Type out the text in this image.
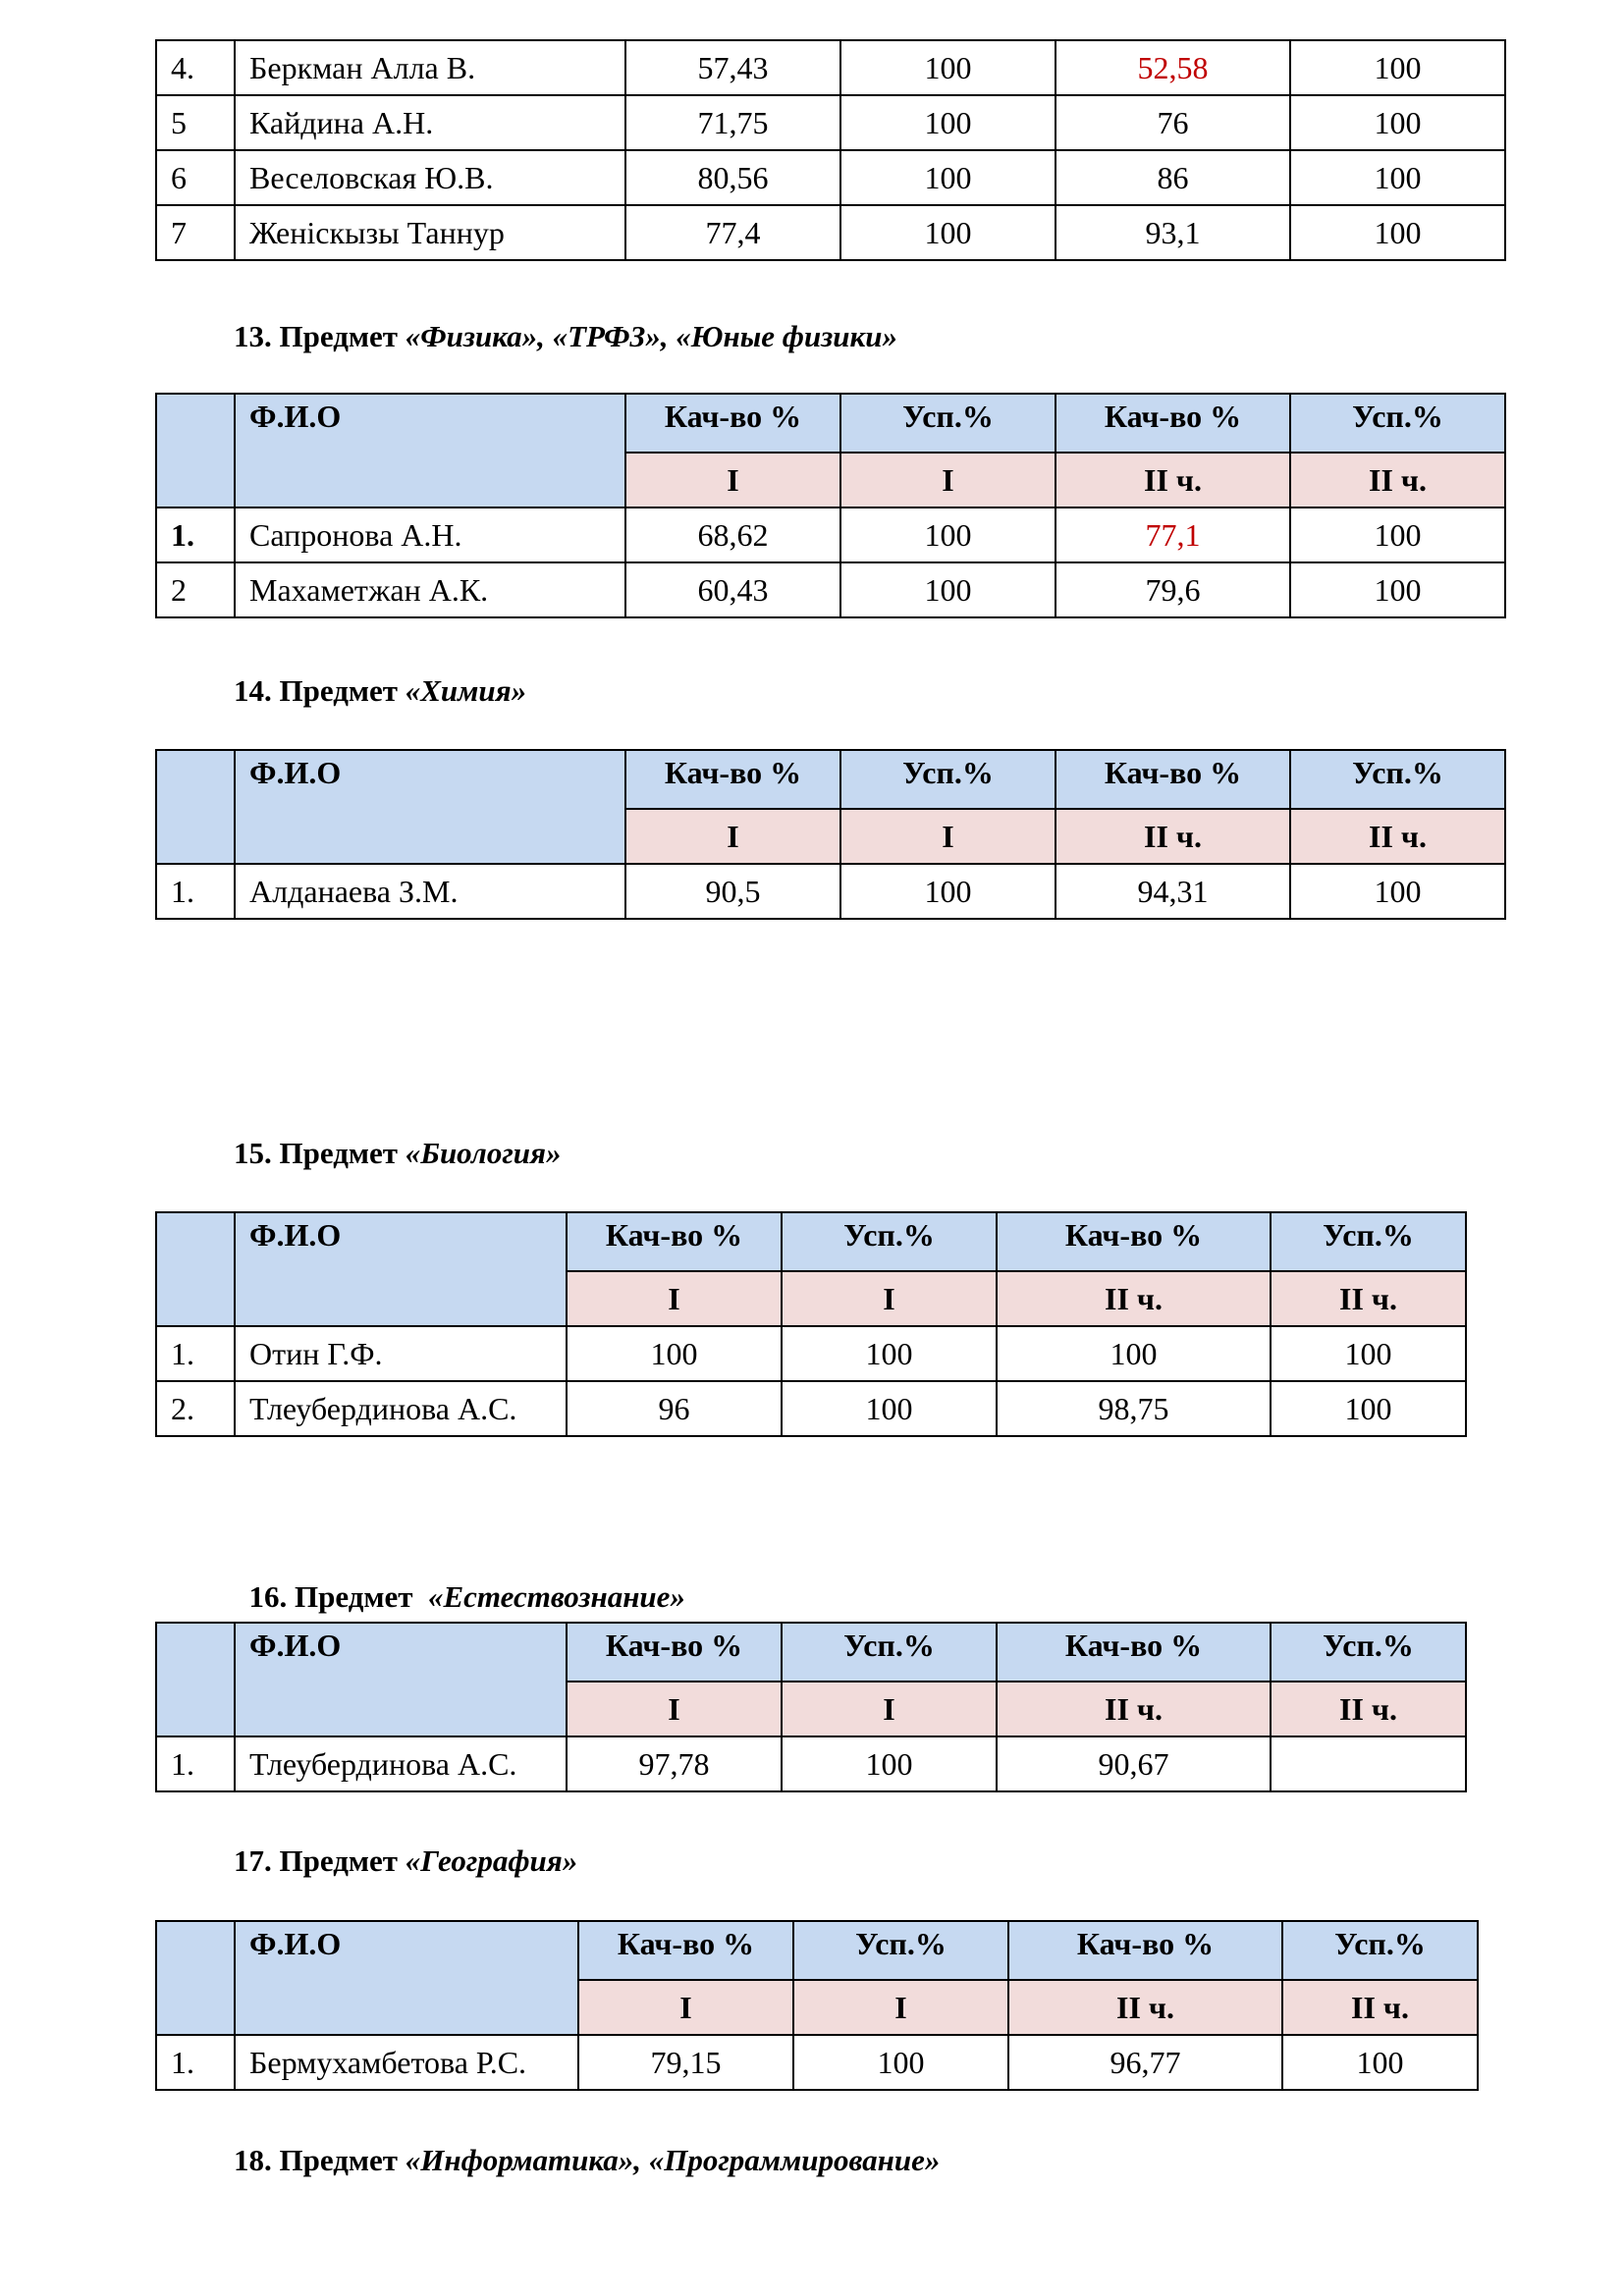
4.	Беркман Алла В.	57,43	100	52,58	100
5	Кайдина А.Н.	71,75	100	76	100
6	Веселовская Ю.В.	80,56	100	86	100
7	Женіскызы Таннур	77,4	100	93,1	100
13. Предмет «Физика», «ТРФЗ», «Юные физики»
	Ф.И.О	Кач-во %	Усп.%	Кач-во %	Усп.%
		I	I	II ч.	II ч.
1.	Сапронова А.Н.	68,62	100	77,1	100
2	Махаметжан А.К.	60,43	100	79,6	100
14. Предмет «Химия»
	Ф.И.О	Кач-во %	Усп.%	Кач-во %	Усп.%
		I	I	II ч.	II ч.
1.	Алданаева З.М.	90,5	100	94,31	100
15. Предмет «Биология»
	Ф.И.О	Кач-во %	Усп.%	Кач-во %	Усп.%
		I	I	II ч.	II ч.
1.	Отин Г.Ф.	100	100	100	100
2.	Тлеубердинова А.С.	96	100	98,75	100

16. Предмет  «Естествознание»

	Ф.И.О	Кач-во %	Усп.%	Кач-во %	Усп.%
		I	I	II ч.	II ч.
1.	Тлеубердинова А.С.	97,78	100	90,67	
17. Предмет «География»
	Ф.И.О	Кач-во %	Усп.%	Кач-во %	Усп.%
		I	I	II ч.	II ч.
1.	Бермухамбетова Р.С.	79,15	100	96,77	100
18. Предмет «Информатика», «Программирование»
